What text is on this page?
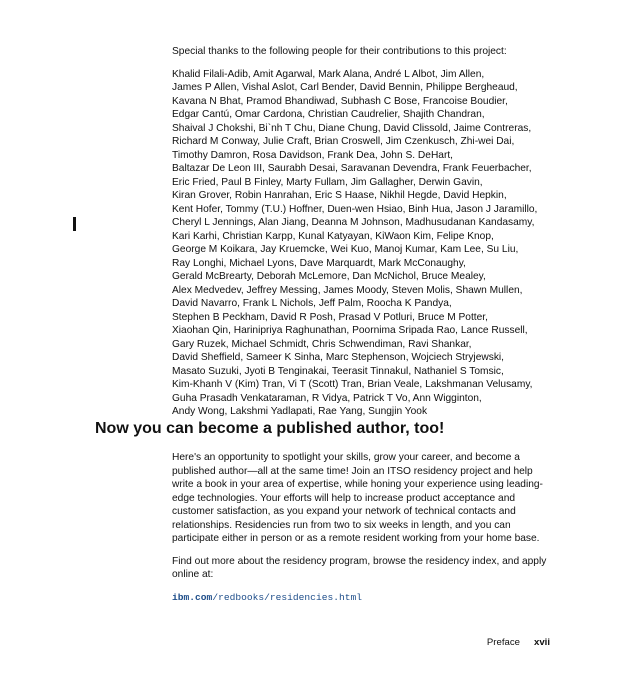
Special thanks to the following people for their contributions to this project:

Khalid Filali-Adib, Amit Agarwal, Mark Alana, André L Albot, Jim Allen,
James P Allen, Vishal Aslot, Carl Bender, David Bennin, Philippe Bergheaud,
Kavana N Bhat, Pramod Bhandiwad, Subhash C Bose, Francoise Boudier,
Edgar Cantú, Omar Cardona, Christian Caudrelier, Shajith Chandran,
Shaival J Chokshi, Bi`nh T Chu, Diane Chung, David Clissold, Jaime Contreras,
Richard M Conway, Julie Craft, Brian Croswell, Jim Czenkusch, Zhi-wei Dai,
Timothy Damron, Rosa Davidson, Frank Dea, John S. DeHart,
Baltazar De Leon III, Saurabh Desai, Saravanan Devendra, Frank Feuerbacher,
Eric Fried, Paul B Finley, Marty Fullam, Jim Gallagher, Derwin Gavin,
Kiran Grover, Robin Hanrahan, Eric S Haase, Nikhil Hegde, David Hepkin,
Kent Hofer, Tommy (T.U.) Hoffner, Duen-wen Hsiao, Binh Hua, Jason J Jaramillo,
Cheryl L Jennings, Alan Jiang, Deanna M Johnson, Madhusudanan Kandasamy,
Kari Karhi, Christian Karpp, Kunal Katyayan, KiWaon Kim, Felipe Knop,
George M Koikara, Jay Kruemcke, Wei Kuo, Manoj Kumar, Kam Lee, Su Liu,
Ray Longhi, Michael Lyons, Dave Marquardt, Mark McConaughy,
Gerald McBrearty, Deborah McLemore, Dan McNichol, Bruce Mealey,
Alex Medvedev, Jeffrey Messing, James Moody, Steven Molis, Shawn Mullen,
David Navarro, Frank L Nichols, Jeff Palm, Roocha K Pandya,
Stephen B Peckham, David R Posh, Prasad V Potluri, Bruce M Potter,
Xiaohan Qin, Harinipriya Raghunathan, Poornima Sripada Rao, Lance Russell,
Gary Ruzek, Michael Schmidt, Chris Schwendiman, Ravi Shankar,
David Sheffield, Sameer K Sinha, Marc Stephenson, Wojciech Stryjewski,
Masato Suzuki, Jyoti B Tenginakai, Teerasit Tinnakul, Nathaniel S Tomsic,
Kim-Khanh V (Kim) Tran, Vi T (Scott) Tran, Brian Veale, Lakshmanan Velusamy,
Guha Prasadh Venkataraman, R Vidya, Patrick T Vo, Ann Wigginton,
Andy Wong, Lakshmi Yadlapati, Rae Yang, Sungjin Yook
Now you can become a published author, too!

Here's an opportunity to spotlight your skills, grow your career, and become a published author—all at the same time! Join an ITSO residency project and help write a book in your area of expertise, while honing your experience using leading-edge technologies. Your efforts will help to increase product acceptance and customer satisfaction, as you expand your network of technical contacts and relationships. Residencies run from two to six weeks in length, and you can participate either in person or as a remote resident working from your home base.

Find out more about the residency program, browse the residency index, and apply online at:

ibm.com/redbooks/residencies.html
Preface xvii
